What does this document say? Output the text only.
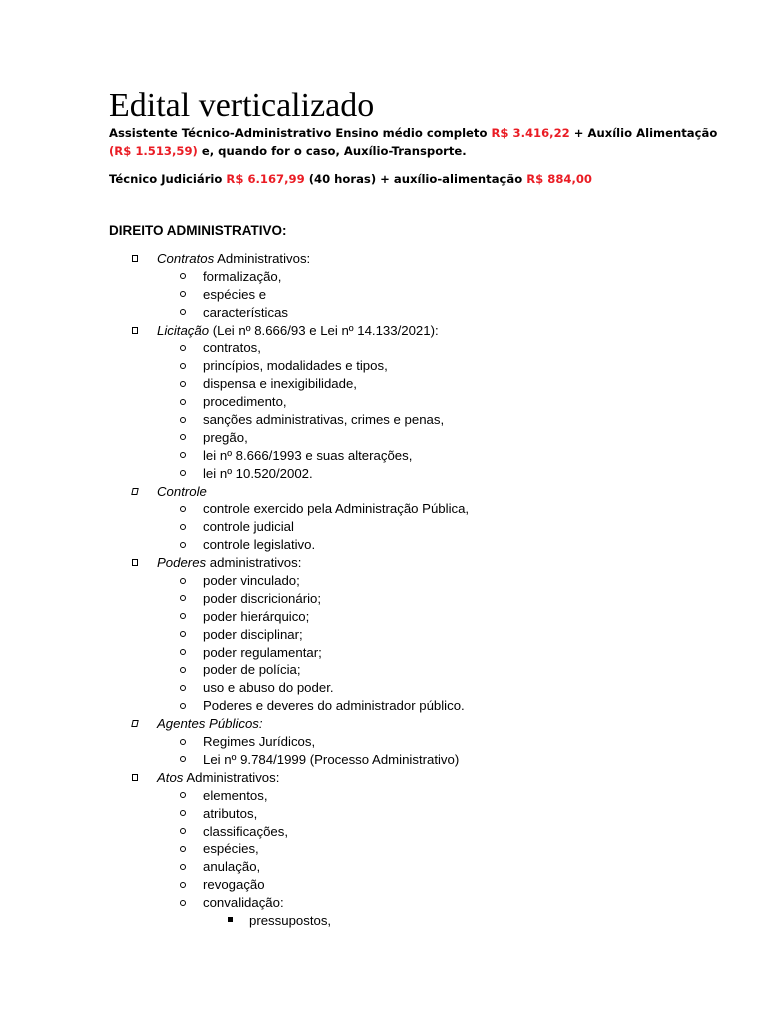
Edital verticalizado
Assistente Técnico-Administrativo Ensino médio completo R$ 3.416,22 + Auxílio Alimentação
(R$ 1.513,59) e, quando for o caso, Auxílio-Transporte.
Técnico Judiciário R$ 6.167,99 (40 horas) + auxílio-alimentação R$ 884,00
DIREITO ADMINISTRATIVO:
Contratos Administrativos:
formalização,
espécies e
características
Licitação (Lei nº 8.666/93 e Lei nº 14.133/2021):
contratos,
princípios, modalidades e tipos,
dispensa e inexigibilidade,
procedimento,
sanções administrativas, crimes e penas,
pregão,
lei nº 8.666/1993 e suas alterações,
lei nº 10.520/2002.
Controle
controle exercido pela Administração Pública,
controle judicial
controle legislativo.
Poderes administrativos:
poder vinculado;
poder discricionário;
poder hierárquico;
poder disciplinar;
poder regulamentar;
poder de polícia;
uso e abuso do poder.
Poderes e deveres do administrador público.
Agentes Públicos:
Regimes Jurídicos,
Lei nº 9.784/1999 (Processo Administrativo)
Atos Administrativos:
elementos,
atributos,
classificações,
espécies,
anulação,
revogação
convalidação:
pressupostos,
